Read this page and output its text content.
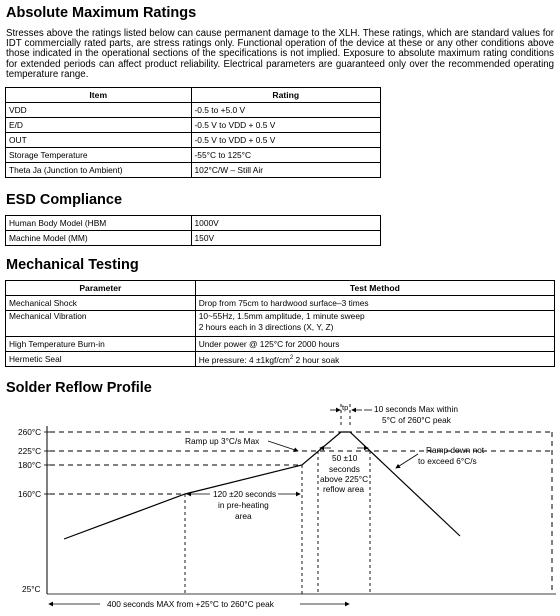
Absolute Maximum Ratings

Stresses above the ratings listed below can cause permanent damage to the XLH. These ratings, which are standard values for IDT commercially rated parts, are stress ratings only. Functional operation of the device at these or any other conditions above those indicated in the operational sections of the specifications is not implied. Exposure to absolute maximum rating conditions for extended periods can affect product reliability. Electrical parameters are guaranteed only over the recommended operating temperature range.

Item	Rating
VDD	-0.5 to +5.0 V
E/D	-0.5 V to VDD + 0.5 V
OUT	-0.5 V to VDD + 0.5 V
Storage Temperature	-55°C to 125°C
Theta Ja (Junction to Ambient)	102°C/W – Still Air
ESD Compliance
Human Body Model (HBM	1000V
Machine Model (MM)	150V
Mechanical Testing
Parameter	Test Method
Mechanical Shock	Drop from 75cm to hardwood surface–3 times
Mechanical Vibration	10~55Hz, 1.5mm amplitude, 1 minute sweep
2 hours each in 3 directions (X, Y, Z)

High Temperature Burn-in	Under power @ 125°C for 2000 hours
Hermetic Seal	He pressure: $4 \pm 1kgf/cm^2$ 2 hour soak
Solder Reflow Profile
260°C
225°C
180°C
160°C
25°C
tp	10 seconds Max within
5°C of 260°C peak
Ramp up 3°C/s Max
Ramp down not
to exceed 6°C/s
120 ±20 seconds
in pre-heating
area
50 ±10
seconds
above 225°C
reflow area
400 seconds MAX from +25°C to 260°C peak
